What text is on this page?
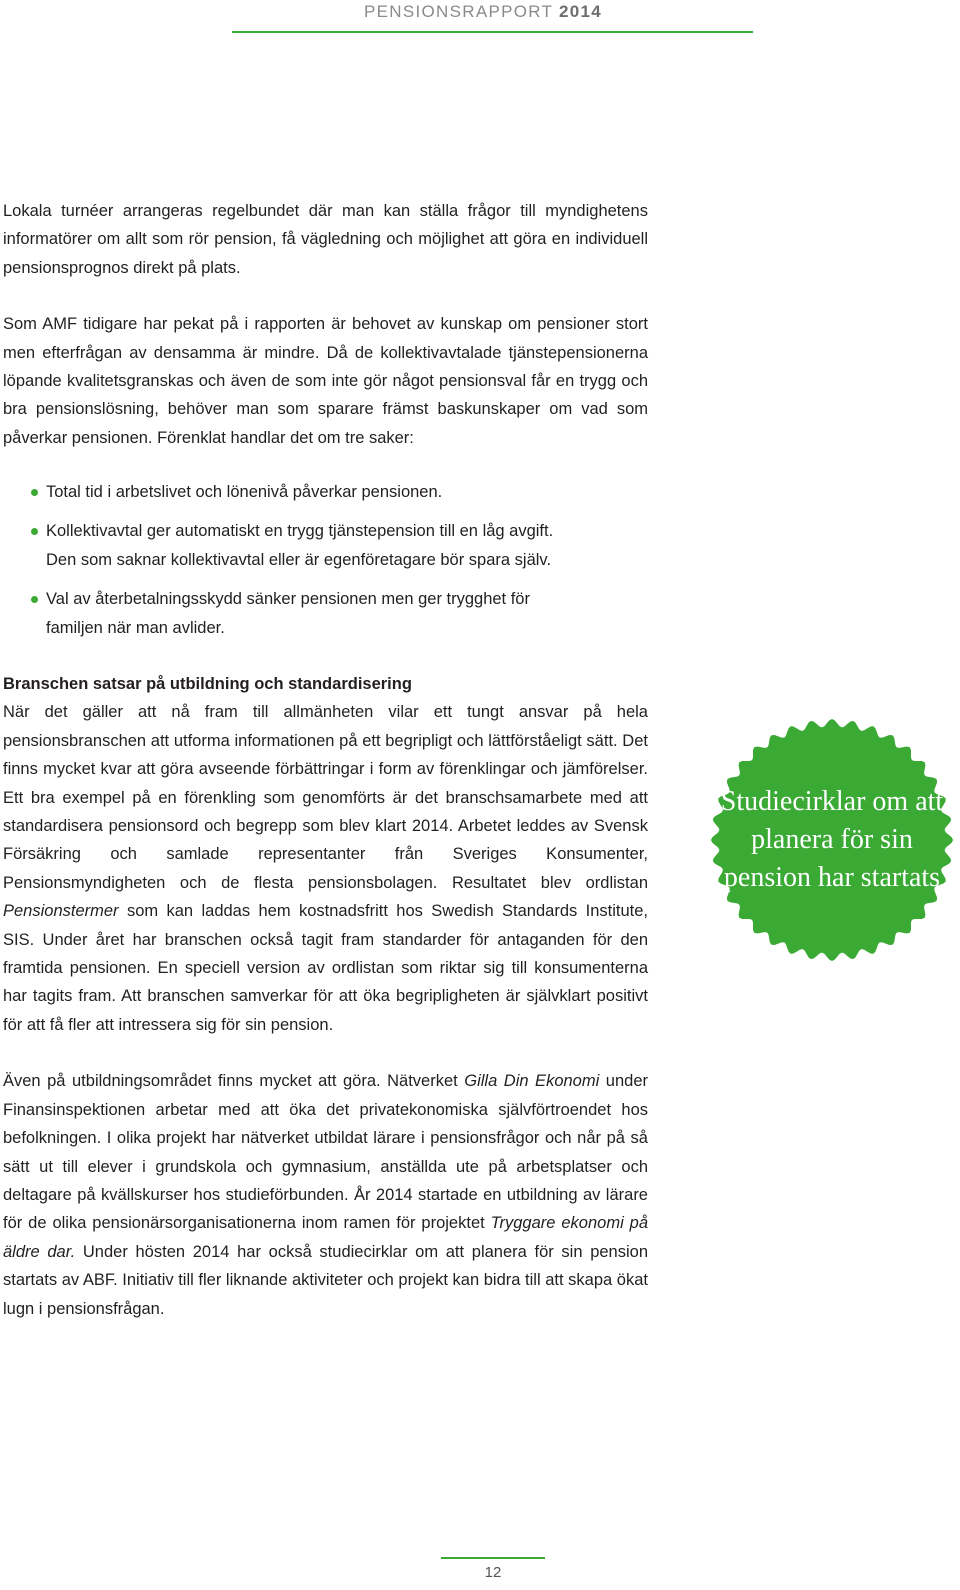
PENSIONSRAPPORT 2014

Lokala turnéer arrangeras regelbundet där man kan ställa frågor till myndighetens informatörer om allt som rör pension, få vägledning och möjlighet att göra en individuell pensionsprognos direkt på plats.

Som AMF tidigare har pekat på i rapporten är behovet av kunskap om pensioner stort men efterfrågan av densamma är mindre. Då de kollektivavtalade tjänstepensionerna löpande kvalitetsgranskas och även de som inte gör något pensionsval får en trygg och bra pensionslösning, behöver man som sparare främst baskunskaper om vad som påverkar pensionen. Förenklat handlar det om tre saker:

Total tid i arbetslivet och lönenivå påverkar pensionen.
Kollektivavtal ger automatiskt en trygg tjänstepension till en låg avgift. Den som saknar kollektivavtal eller är egenföretagare bör spara själv.
Val av återbetalningsskydd sänker pensionen men ger trygghet för familjen när man avlider.

Branschen satsar på utbildning och standardisering

När det gäller att nå fram till allmänheten vilar ett tungt ansvar på hela pensionsbranschen att utforma informationen på ett begripligt och lättförståeligt sätt. Det finns mycket kvar att göra avseende förbättringar i form av förenklingar och jämförelser. Ett bra exempel på en förenkling som genomförts är det branschsamarbete med att standardisera pensionsord och begrepp som blev klart 2014. Arbetet leddes av Svensk Försäkring och samlade representanter från Sveriges Konsumenter, Pensionsmyndigheten och de flesta pensionsbolagen. Resultatet blev ordlistan Pensionstermer som kan laddas hem kostnadsfritt hos Swedish Standards Institute, SIS. Under året har branschen också tagit fram standarder för antaganden för den framtida pensionen. En speciell version av ordlistan som riktar sig till konsumenterna har tagits fram. Att branschen samverkar för att öka begripligheten är självklart positivt för att få fler att intressera sig för sin pension.

Även på utbildningsområdet finns mycket att göra. Nätverket Gilla Din Ekonomi under Finansinspektionen arbetar med att öka det privatekonomiska självförtroendet hos befolkningen. I olika projekt har nätverket utbildat lärare i pensionsfrågor och når på så sätt ut till elever i grundskola och gymnasium, anställda ute på arbetsplatser och deltagare på kvällskurser hos studieförbunden. År 2014 startade en utbildning av lärare för de olika pensionärsorganisationerna inom ramen för projektet Tryggare ekonomi på äldre dar. Under hösten 2014 har också studiecirklar om att planera för sin pension startats av ABF. Initiativ till fler liknande aktiviteter och projekt kan bidra till att skapa ökat lugn i pensionsfrågan.

Studiecirklar om att planera för sin pension har startats
12
